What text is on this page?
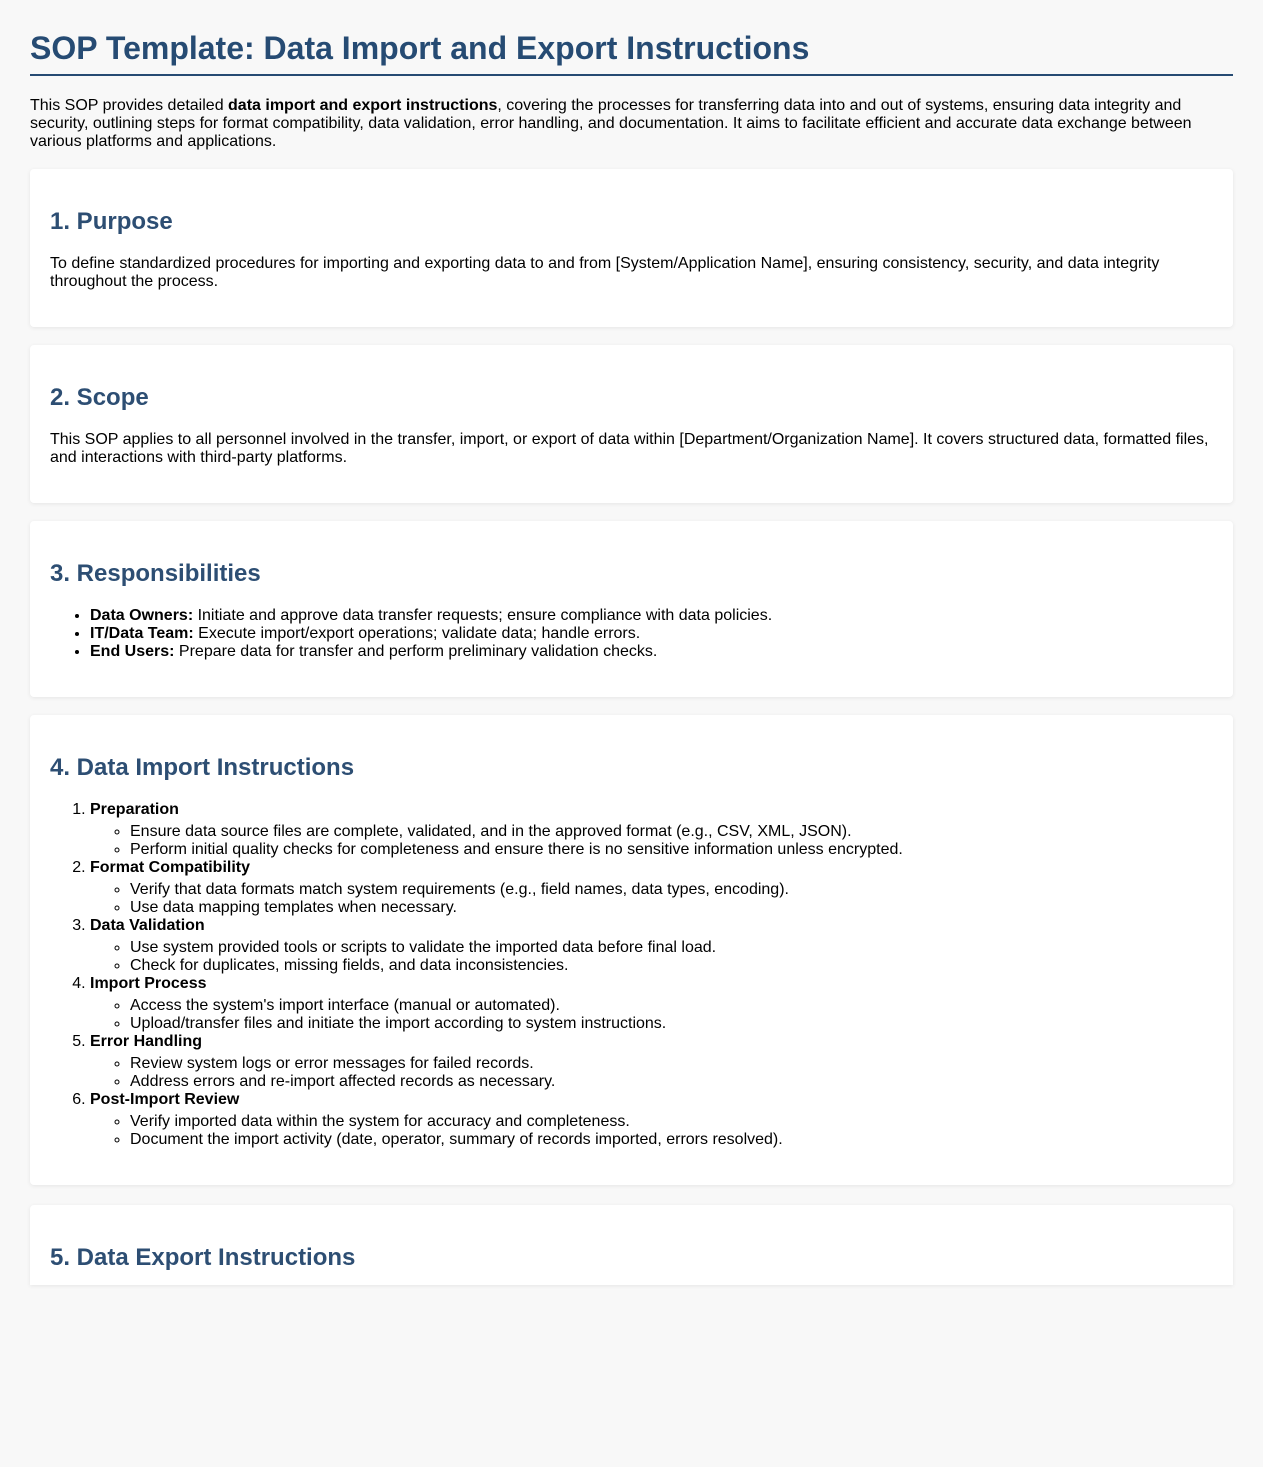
SOP Template: Data Import and Export Instructions

This SOP provides detailed data import and export instructions, covering the processes for transferring data into and out of systems, ensuring data integrity and security, outlining steps for format compatibility, data validation, error handling, and documentation. It aims to facilitate efficient and accurate data exchange between various platforms and applications.

1. Purpose

To define standardized procedures for importing and exporting data to and from [System/Application Name], ensuring consistency, security, and data integrity throughout the process.

2. Scope

This SOP applies to all personnel involved in the transfer, import, or export of data within [Department/Organization Name]. It covers structured data, formatted files, and interactions with third-party platforms.

3. Responsibilities
• Data Owners: Initiate and approve data transfer requests; ensure compliance with data policies.
• IT/Data Team: Execute import/export operations; validate data; handle errors.
• End Users: Prepare data for transfer and perform preliminary validation checks.
4. Data Import Instructions
1. Preparation
◦ Ensure data source files are complete, validated, and in the approved format (e.g., CSV, XML, JSON).
◦ Perform initial quality checks for completeness and ensure there is no sensitive information unless encrypted.
2. Format Compatibility
◦ Verify that data formats match system requirements (e.g., field names, data types, encoding).
◦ Use data mapping templates when necessary.
3. Data Validation
◦ Use system provided tools or scripts to validate the imported data before final load.
◦ Check for duplicates, missing fields, and data inconsistencies.
4. Import Process
◦ Access the system's import interface (manual or automated).
◦ Upload/transfer files and initiate the import according to system instructions.
5. Error Handling
◦ Review system logs or error messages for failed records.
◦ Address errors and re-import affected records as necessary.
6. Post-Import Review
◦ Verify imported data within the system for accuracy and completeness.
◦ Document the import activity (date, operator, summary of records imported, errors resolved).
5. Data Export Instructions
